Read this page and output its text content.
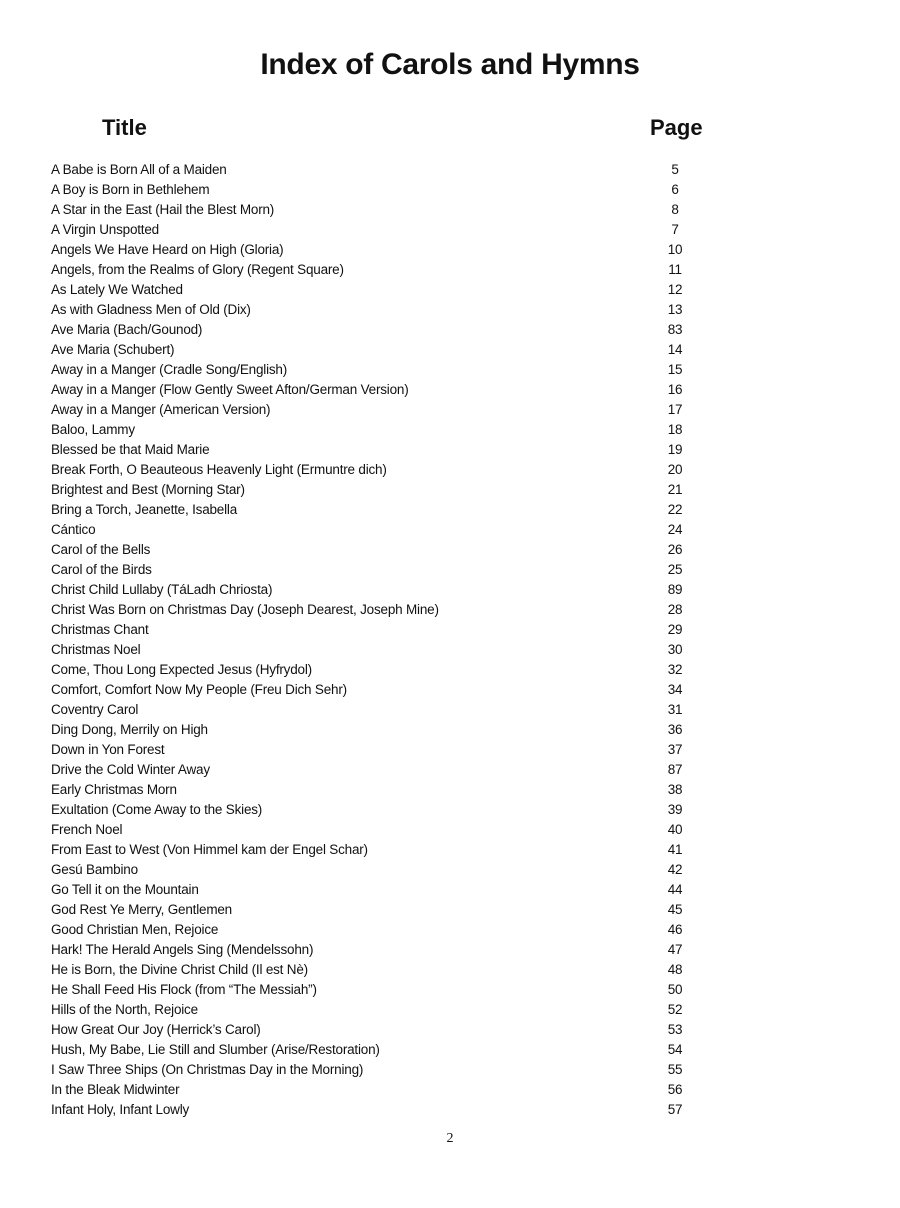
Index of Carols and Hymns
Title	Page
A Babe is Born All of a Maiden	5
A Boy is Born in Bethlehem	6
A Star in the East (Hail the Blest Morn)	8
A Virgin Unspotted	7
Angels We Have Heard on High (Gloria)	10
Angels, from the Realms of Glory (Regent Square)	11
As Lately We Watched	12
As with Gladness Men of Old (Dix)	13
Ave Maria (Bach/Gounod)	83
Ave Maria (Schubert)	14
Away in a Manger (Cradle Song/English)	15
Away in a Manger (Flow Gently Sweet Afton/German Version)	16
Away in a Manger (American Version)	17
Baloo, Lammy	18
Blessed be that Maid Marie	19
Break Forth, O Beauteous Heavenly Light (Ermuntre dich)	20
Brightest and Best (Morning Star)	21
Bring a Torch, Jeanette, Isabella	22
Cántico	24
Carol of the Bells	26
Carol of the Birds	25
Christ Child Lullaby (TáLadh Chriosta)	89
Christ Was Born on Christmas Day (Joseph Dearest, Joseph Mine)	28
Christmas Chant	29
Christmas Noel	30
Come, Thou Long Expected Jesus (Hyfrydol)	32
Comfort, Comfort Now My People (Freu Dich Sehr)	34
Coventry Carol	31
Ding Dong, Merrily on High	36
Down in Yon Forest	37
Drive the Cold Winter Away	87
Early Christmas Morn	38
Exultation (Come Away to the Skies)	39
French Noel	40
From East to West (Von Himmel kam der Engel Schar)	41
Gesú Bambino	42
Go Tell it on the Mountain	44
God Rest Ye Merry, Gentlemen	45
Good Christian Men, Rejoice	46
Hark! The Herald Angels Sing (Mendelssohn)	47
He is Born, the Divine Christ Child (Il est Nè)	48
He Shall Feed His Flock (from “The Messiah”)	50
Hills of the North, Rejoice	52
How Great Our Joy (Herrick’s Carol)	53
Hush, My Babe, Lie Still and Slumber (Arise/Restoration)	54
I Saw Three Ships (On Christmas Day in the Morning)	55
In the Bleak Midwinter	56
Infant Holy, Infant Lowly	57
2
